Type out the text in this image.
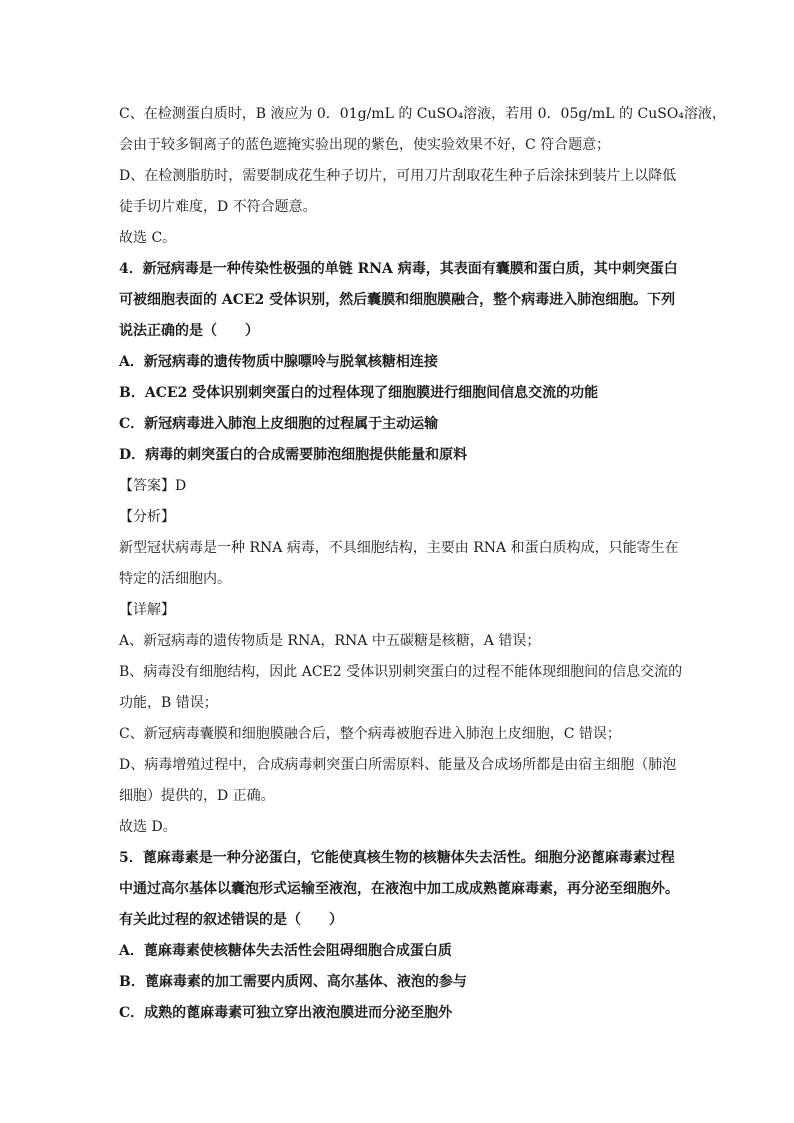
C、在检测蛋白质时，B 液应为 0．01g/mL 的 CuSO₄溶液，若用 0．05g/mL 的 CuSO₄溶液，
会由于较多铜离子的蓝色遮掩实验出现的紫色，使实验效果不好，C 符合题意；
D、在检测脂肪时，需要制成花生种子切片，可用刀片刮取花生种子后涂抹到装片上以降低
徒手切片难度，D 不符合题意。
故选 C。
4．新冠病毒是一种传染性极强的单链 RNA 病毒，其表面有囊膜和蛋白质，其中刺突蛋白
可被细胞表面的 ACE2 受体识别，然后囊膜和细胞膜融合，整个病毒进入肺泡细胞。下列
说法正确的是（　　）
A．新冠病毒的遗传物质中腺嘌呤与脱氧核糖相连接
B．ACE2 受体识别刺突蛋白的过程体现了细胞膜进行细胞间信息交流的功能
C．新冠病毒进入肺泡上皮细胞的过程属于主动运输
D．病毒的刺突蛋白的合成需要肺泡细胞提供能量和原料
【答案】D
【分析】
新型冠状病毒是一种 RNA 病毒，不具细胞结构，主要由 RNA 和蛋白质构成，只能寄生在
特定的活细胞内。
【详解】
A、新冠病毒的遗传物质是 RNA，RNA 中五碳糖是核糖，A 错误；
B、病毒没有细胞结构，因此 ACE2 受体识别刺突蛋白的过程不能体现细胞间的信息交流的
功能，B 错误；
C、新冠病毒囊膜和细胞膜融合后，整个病毒被胞吞进入肺泡上皮细胞，C 错误；
D、病毒增殖过程中，合成病毒刺突蛋白所需原料、能量及合成场所都是由宿主细胞（肺泡
细胞）提供的，D 正确。
故选 D。
5．蓖麻毒素是一种分泌蛋白，它能使真核生物的核糖体失去活性。细胞分泌蓖麻毒素过程
中通过高尔基体以囊泡形式运输至液泡，在液泡中加工成成熟蓖麻毒素，再分泌至细胞外。
有关此过程的叙述错误的是（　　）
A．蓖麻毒素使核糖体失去活性会阻碍细胞合成蛋白质
B．蓖麻毒素的加工需要内质网、高尔基体、液泡的参与
C．成熟的蓖麻毒素可独立穿出液泡膜进而分泌至胞外
